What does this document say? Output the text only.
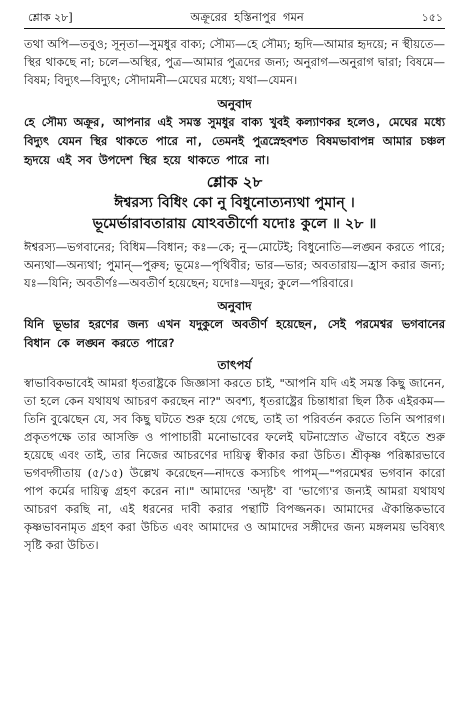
শ্লোক ২৮]	অক্রূরের হস্তিনাপুর গমন	১৫১

তথা অপি—তবুও; সূনৃতা—সুমধুর বাক্য; সৌম্য—হে সৌম্য; হৃদি—আমার হৃদয়ে; ন স্থীয়তে—স্থির থাকছে না; চলে—অস্থির, পুত্র—আমার পুত্রদের জন্য; অনুরাগ—অনুরাগ দ্বারা; বিষমে—বিষম; বিদ্যুৎ—বিদ্যুৎ; সৌদামনী—মেঘের মধ্যে; যথা—যেমন।

অনুবাদ

হে সৌম্য অক্রূর, আপনার এই সমস্ত সুমধুর বাক্য খুবই কল্যাণকর হলেও, মেঘের মধ্যে বিদ্যুৎ যেমন স্থির থাকতে পারে না, তেমনই পুত্রস্নেহবশত বিষমভাবাপন্ন আমার চঞ্চল হৃদয়ে এই সব উপদেশ স্থির হয়ে থাকতে পারে না।

শ্লোক ২৮
ঈশ্বরস্য বিধিং কো নু বিধুনোত্যন্যথা পুমান্ ।
ভূমের্ভারাবতারায় যোঽবতীর্ণো যদোঃ কুলে ॥ ২৮ ॥

ঈশ্বরস্য—ভগবানের; বিধিম—বিধান; কঃ—কে; নু—মোটেই; বিধুনোতি—লঙ্ঘন করতে পারে; অন্যথা—অন্যথা; পুমান্—পুরুষ; ভূমেঃ—পৃথিবীর; ভার—ভার; অবতারায়—হ্রাস করার জন্য; যঃ—যিনি; অবতীর্ণঃ—অবতীর্ণ হয়েছেন; যদোঃ—যদুর; কুলে—পরিবারে।

অনুবাদ

যিনি ভূভার হরণের জন্য এখন যদুকুলে অবতীর্ণ হয়েছেন, সেই পরমেশ্বর ভগবানের বিধান কে লঙ্ঘন করতে পারে?

তাৎপর্য

স্বাভাবিকভাবেই আমরা ধৃতরাষ্ট্রকে জিজ্ঞাসা করতে চাই, "আপনি যদি এই সমস্ত কিছু জানেন, তা হলে কেন যথাযথ আচরণ করছেন না?" অবশ্য, ধৃতরাষ্ট্রের চিন্তাধারা ছিল ঠিক এইরকম—তিনি বুঝেছেন যে, সব কিছু ঘটতে শুরু হয়ে গেছে, তাই তা পরিবর্তন করতে তিনি অপারগ। প্রকৃতপক্ষে তার আসক্তি ও পাপাচারী মনোভাবের ফলেই ঘটনাস্রোত ঐভাবে বইতে শুরু হয়েছে এবং তাই, তার নিজের আচরণের দায়িত্ব স্বীকার করা উচিত। শ্রীকৃষ্ণ পরিষ্কারভাবে ভগবদ্গীতায় (৫/১৫) উল্লেখ করেছেন—নাদত্তে কস্যচিৎ পাপম্—"পরমেশ্বর ভগবান কারো পাপ কর্মের দায়িত্ব গ্রহণ করেন না।" আমাদের 'অদৃষ্ট' বা 'ভাগ্যে'র জন্যই আমরা যথাযথ আচরণ করছি না, এই ধরনের দাবী করার পন্থাটি বিপজ্জনক। আমাদের ঐকান্তিকভাবে কৃষ্ণভাবনামৃত গ্রহণ করা উচিত এবং আমাদের ও আমাদের সঙ্গীদের জন্য মঙ্গলময় ভবিষ্যৎ সৃষ্টি করা উচিত।
